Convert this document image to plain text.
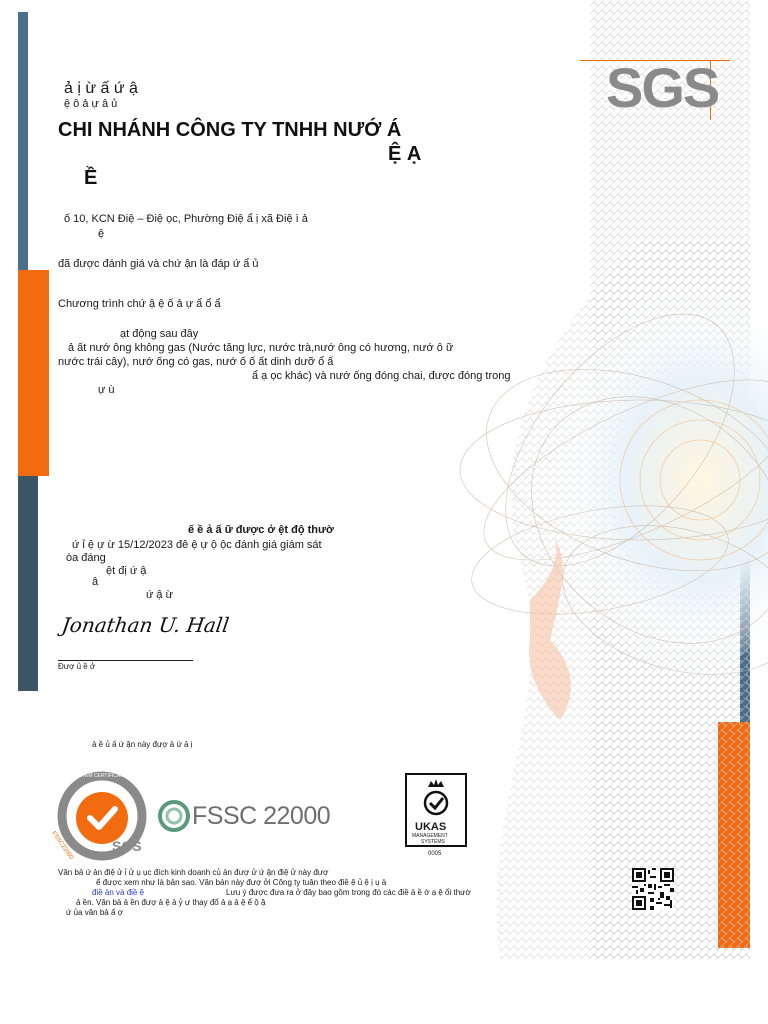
SGS
ả ị ừ ấ ứ ậ
ệ ô ả ự â ủ
CHI NHÁNH CÔNG TY TNHH NƯỚ Á
Ệ Ạ
Ề
ố 10, KCN Điệ – Điệ ọc, Phường Điệ ẩ ị xã Điệ ì ả
ệ
đã được đánh giá và chứ ận là đáp ứ ẩ ủ
Chương trình chứ ậ ệ ố ả ự ẩ ổ ẩ
ạt động sau đây
ả ất nướ ông không gas (Nước tăng lực, nước trà,nướ ông có hương, nướ ô ữ
nước trái cây), nướ ống có gas, nướ ố ố ất dinh dưỡ ổ ấ
ẩ ạ ọc khác) và nướ ống đóng chai, được đóng trong
ự ù
ế ề ả ấ ữ được ở ệt độ thườ
ứ ỉ ệ ự ừ 15/12/2023 đê ệ ự ộ ộc đánh giá giám sát
òa đáng
ệt đị ứ ậ
â
ứ ậ ừ
Jonathan U. Hall
Đượ ủ ề ở
ả ề ủ ấ ứ ận này đượ ả ứ ả ị
SYSTEM CERTIFICATION
FSSC22000	SGS
FSSC 22000	UKAS
MANAGEMENT
SYSTEMS
0005
Văn bả ứ ản điệ ử ỉ ử ụ ục đích kinh doanh củ ản đượ ử ứ ận điệ ử này đượ
ể được xem như là bản sao. Văn bản này đượ ởi Công ty tuân theo điề ệ ủ ệ ị ụ ả
điề ản và điề ệ	Lưu ý được đưa ra ở đây bao gồm trong đó các điề ả ề ớ ạ ệ ổi thườ
ả ền. Văn bả ả ền đượ ả ệ ả ỷ ự thay đổ ả ạ ả ệ ể ộ ậ
ứ ủa văn bả ấ ợ
